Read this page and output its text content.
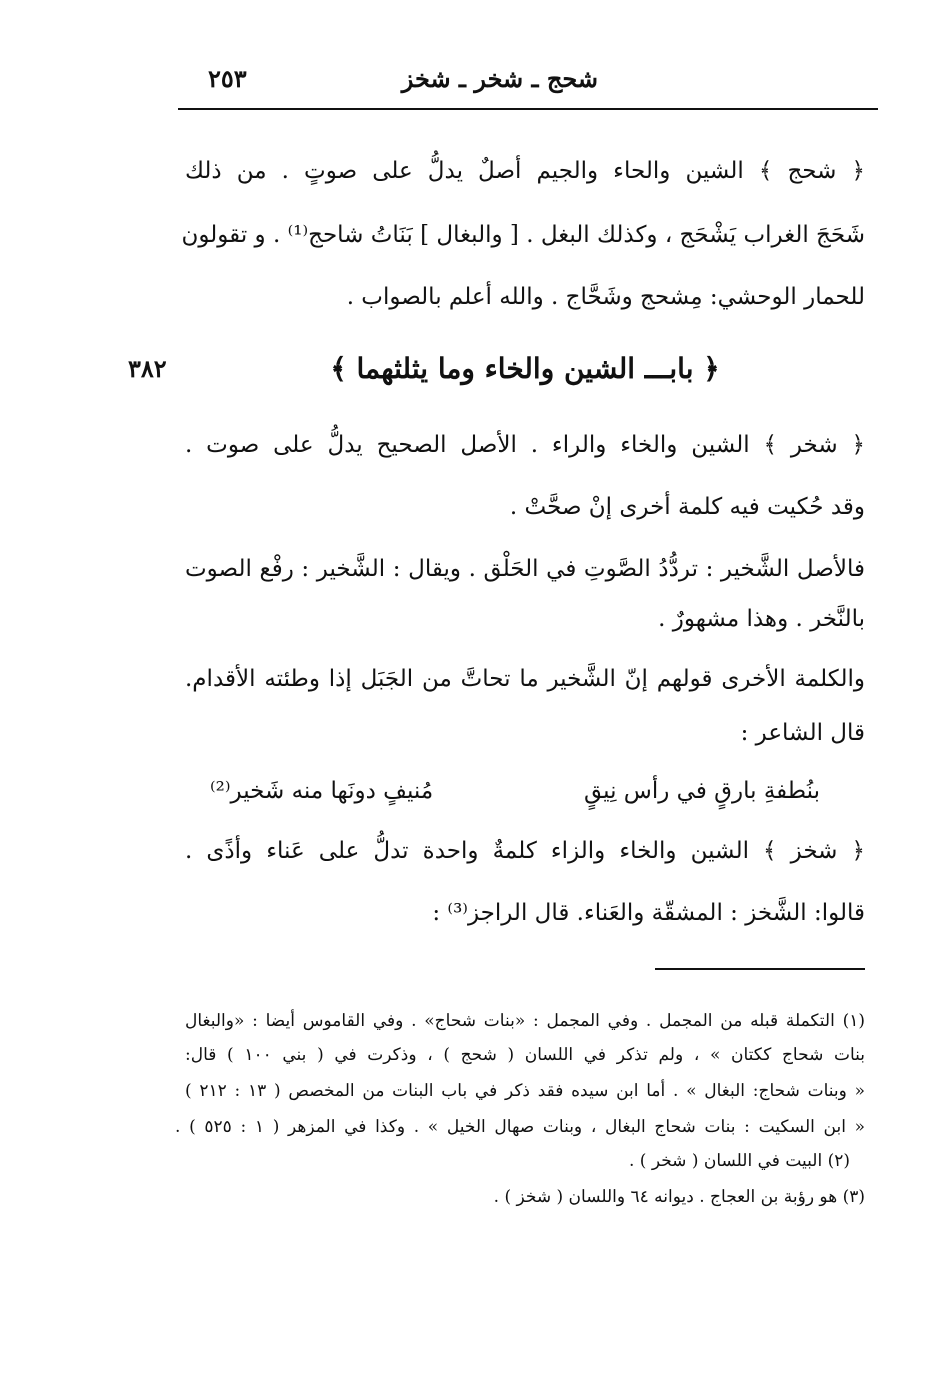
شحج ـ شخر ـ شخز
٢٥٣
﴿ شحج ﴾ الشين والحاء والجيم أصلٌ يدلُّ على صوتٍ . من ذلك
شَحَجَ الغراب يَشْحَج ، وكذلك البغل . [ والبغال ] بَنَاتُ شاحج⁽¹⁾ . و تقولون
للحمار الوحشي: مِشحج وشَحَّاج . والله أعلم بالصواب .
﴿ بابـــ الشين والخاء وما يثلثهما ﴾
٣٨٢
﴿ شخر ﴾ الشين والخاء والراء . الأصل الصحيح يدلُّ على صوت .
وقد حُكيت فيه كلمة أخرى إنْ صحَّتْ .
فالأصل الشَّخير : تردُّدُ الصَّوتِ في الحَلْق . ويقال : الشَّخير : رفْع الصوت
بالنَّخر . وهذا مشهورٌ .
والكلمة الأخرى قولهم إنّ الشَّخير ما تحاتَّ من الجَبَل إذا وطئته الأقدام.
قال الشاعر :
بنُطفةِ بارقٍ في رأس نِيقٍ
مُنيفٍ دونَها منه شَخير⁽²⁾
﴿ شخز ﴾ الشين والخاء والزاء كلمةٌ واحدة تدلُّ على عَناء وأذًى .
قالوا: الشَّخز : المشقّة والعَناء. قال الراجز⁽³⁾ :
(١) التكملة قبله من المجمل . وفي المجمل : «بنات شحاج» . وفي القاموس أيضا : «والبغال
بنات شحاج ككتان » ، ولم تذكر في اللسان ( شحج ) ، وذكرت في ( بني ١٠٠ ) قال:
« وبنات شحاج: البغال » . أما ابن سيده فقد ذكر في باب البنات من المخصص ( ١٣ : ٢١٢ )
« ابن السكيت : بنات شحاج البغال ، وبنات صهال الخيل » . وكذا في المزهر ( ١ : ٥٢٥ ) .
(٢) البيت في اللسان ( شخر ) .
(٣) هو رؤبة بن العجاج . ديوانه ٦٤ واللسان ( شخز ) .
